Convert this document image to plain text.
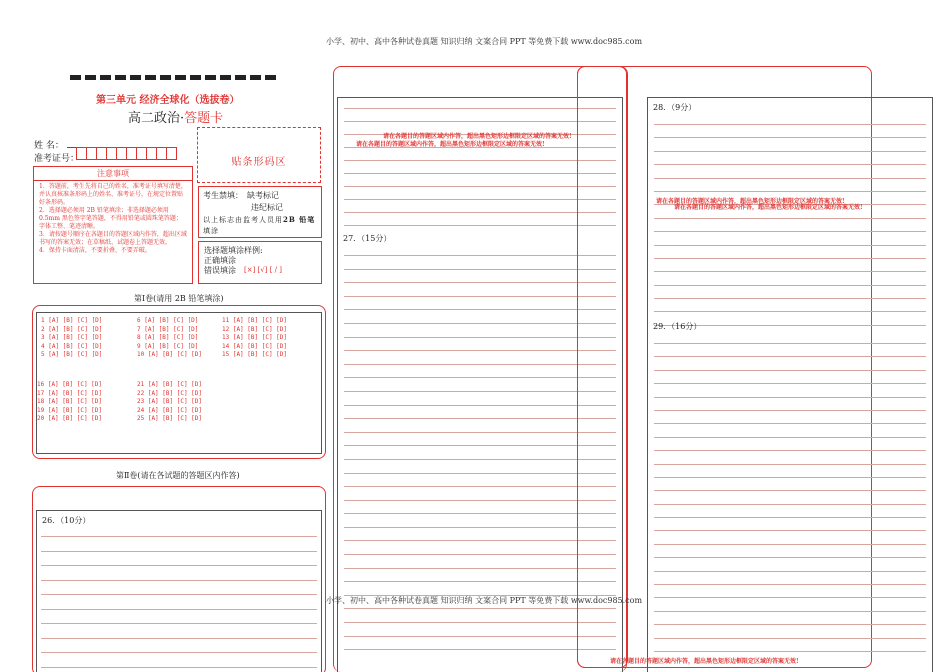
小学、初中、高中各种试卷真题 知识归纳 文案合同 PPT 等免费下载 www.doc985.com
第三单元 经济全球化（选拔卷）
高二政治·答题卡
姓 名：
准考证号：	贴条形码区
注意事项
1．答题前，考生先将自己的姓名，准考证号填写清楚，并认真核准条形码上的姓名、准考证号，在规定位置贴好条形码。
2．选择题必须用 2B 铅笔填涂；非选择题必须用 0.5mm 黑色签字笔答题，不得用铅笔或圆珠笔答题；字体工整、笔迹清晰。
3．请按题号顺序在各题目的答题区域内作答，超出区域书写的答案无效；在草稿纸、试题卷上答题无效。
4．保持卡面清洁，不要折叠、不要弄破。
考生禁填： 缺考标记
违纪标记
以上标志由监考人员用2B 铅笔填涂
选择题填涂样例:
正确填涂
错误填涂 [×] [√] [ / ]
第Ⅰ卷(请用 2B 铅笔填涂)
1 [A] [B] [C] [D]
2 [A] [B] [C] [D]
3 [A] [B] [C] [D]
4 [A] [B] [C] [D]
5 [A] [B] [C] [D]
6 [A] [B] [C] [D]
7 [A] [B] [C] [D]
8 [A] [B] [C] [D]
9 [A] [B] [C] [D]
10 [A] [B] [C] [D]
11 [A] [B] [C] [D]
12 [A] [B] [C] [D]
13 [A] [B] [C] [D]
14 [A] [B] [C] [D]
15 [A] [B] [C] [D]
16 [A] [B] [C] [D]
17 [A] [B] [C] [D]
18 [A] [B] [C] [D]
19 [A] [B] [C] [D]
20 [A] [B] [C] [D]
21 [A] [B] [C] [D]
22 [A] [B] [C] [D]
23 [A] [B] [C] [D]
24 [A] [B] [C] [D]
25 [A] [B] [C] [D]
第Ⅱ卷(请在各试题的答题区内作答)
26．（10分）
27．（15分）
请在各题目的答题区域内作答，超出黑色矩形边框限定区域的答案无效!
请在各题目的答题区域内作答，超出黑色矩形边框限定区域的答案无效!
28．（9分）
29．（16分）
请在各题目的答题区域内作答，超出黑色矩形边框限定区域的答案无效!
请在各题目的答题区域内作答，超出黑色矩形边框限定区域的答案无效!
小学、初中、高中各种试卷真题 知识归纳 文案合同 PPT 等免费下载 www.doc985.com
请在各题目的答题区域内作答，超出黑色矩形边框限定区域的答案无效!
